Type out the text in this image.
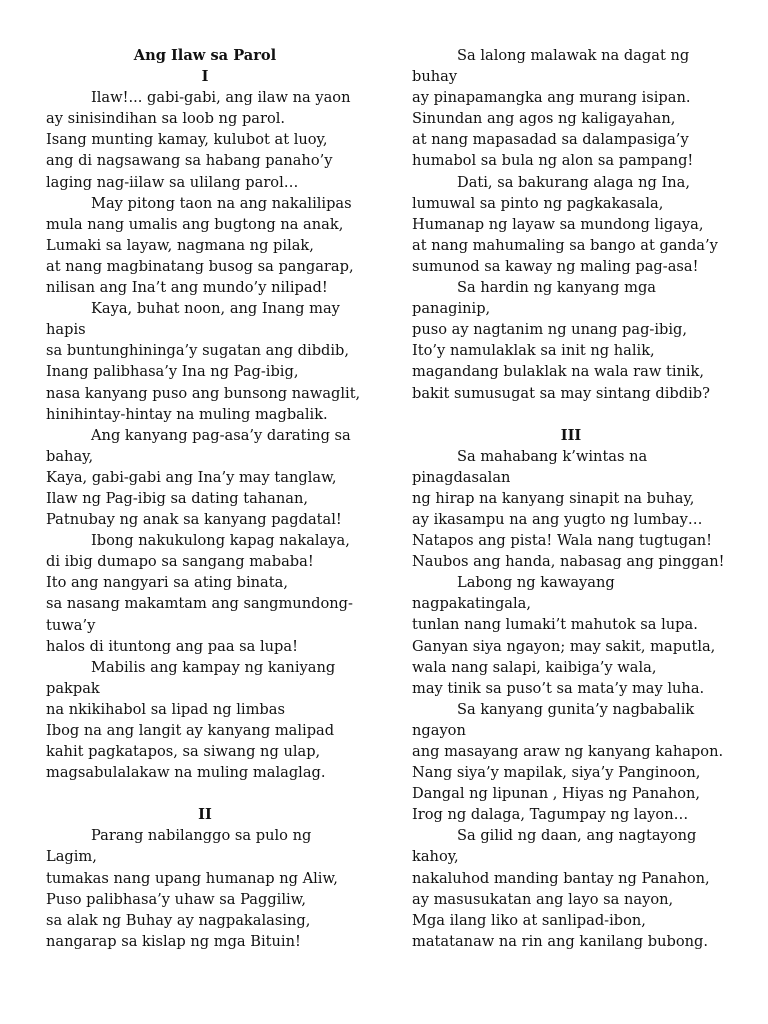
Ang Ilaw sa Parol

I

Ilaw!... gabi-gabi, ang ilaw na yaon

ay sinisindihan sa loob ng parol.

Isang munting kamay, kulubot at luoy,

ang di nagsawang sa habang panaho’y

laging nag-iilaw sa ulilang parol…

May pitong taon na ang nakalilipas

mula nang umalis ang bugtong na anak,

Lumaki sa layaw, nagmana ng pilak,

at nang magbinatang busog sa pangarap,

nilisan ang Ina’t ang mundo’y nilipad!

Kaya, buhat noon, ang Inang may

hapis

sa buntunghininga’y sugatan ang dibdib,

Inang palibhasa’y Ina ng Pag-ibig,

nasa kanyang puso ang bunsong nawaglit,

hinihintay-hintay na muling magbalik.

Ang kanyang pag-asa’y darating sa

bahay,

Kaya, gabi-gabi ang Ina’y may tanglaw,

Ilaw ng Pag-ibig sa dating tahanan,

Patnubay ng anak sa kanyang pagdatal!

Ibong nakukulong kapag nakalaya,

di ibig dumapo sa sangang mababa!

Ito ang nangyari sa ating binata,

sa nasang makamtam ang sangmundong-

tuwa’y

halos di ituntong ang paa sa lupa!

Mabilis ang kampay ng kaniyang

pakpak

na nkikihabol sa lipad ng limbas

Ibog na ang langit ay kanyang malipad

kahit pagkatapos, sa siwang ng ulap,

magsabulalakaw na muling malaglag.

II

Parang nabilanggo sa pulo ng

Lagim,

tumakas nang upang humanap ng Aliw,

Puso palibhasa’y uhaw sa Paggiliw,

sa alak ng Buhay ay nagpakalasing,

nangarap sa kislap ng mga Bituin!

Sa lalong malawak na dagat ng

buhay

ay pinapamangka ang murang isipan.

Sinundan ang agos ng kaligayahan,

at nang mapasadad sa dalampasiga’y

humabol sa bula ng alon sa pampang!

Dati, sa bakurang alaga ng Ina,

lumuwal sa pinto ng pagkakasala,

Humanap ng layaw sa mundong ligaya,

at nang mahumaling sa bango at ganda’y

sumunod sa kaway ng maling pag-asa!

Sa hardin ng kanyang mga

panaginip,

puso ay nagtanim ng unang pag-ibig,

Ito’y namulaklak sa init ng halik,

magandang bulaklak na wala raw tinik,

bakit sumusugat sa may sintang dibdib?

III

Sa mahabang k’wintas na

pinagdasalan

ng hirap na kanyang sinapit na buhay,

ay ikasampu na ang yugto ng lumbay…

Natapos ang pista! Wala nang tugtugan!

Naubos ang handa, nabasag ang pinggan!

Labong ng kawayang

nagpakatingala,

tunlan nang lumaki’t mahutok sa lupa.

Ganyan siya ngayon; may sakit, maputla,

wala nang salapi, kaibiga’y wala,

may tinik sa puso’t sa mata’y may luha.

Sa kanyang gunita’y nagbabalik

ngayon

ang masayang araw ng kanyang kahapon.

Nang siya’y mapilak, siya’y Panginoon,

Dangal ng lipunan , Hiyas ng Panahon,

Irog ng dalaga, Tagumpay ng layon…

Sa gilid ng daan, ang nagtayong

kahoy,

nakaluhod manding bantay ng Panahon,

ay masusukatan ang layo sa nayon,

Mga ilang liko at sanlipad-ibon,

matatanaw na rin ang kanilang bubong.
